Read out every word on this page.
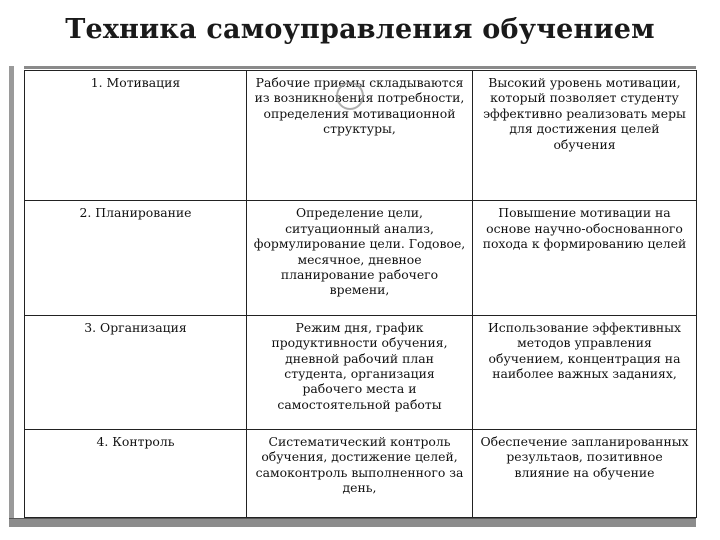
Техника самоуправления обучением
1. Мотивация	Рабочие приемы складываются из возникновения потребности, определения мотивационной структуры,	Высокий уровень мотивации, который позволяет студенту эффективно реализовать меры для достижения целей обучения
2. Планирование	Определение цели, ситуационный анализ, формулирование цели. Годовое, месячное, дневное планирование рабочего времени,	Повышение мотивации на основе научно-обоснованного похода к формированию целей
3. Организация	Режим дня, график продуктивности обучения, дневной рабочий план студента, организация рабочего места и самостоятельной работы	Использование эффективных методов управления обучением, концентрация на наиболее важных заданиях,
4. Контроль	Систематический контроль обучения, достижение целей, самоконтроль выполненного за день,	Обеспечение запланированных результаов, позитивное влияние на обучение
